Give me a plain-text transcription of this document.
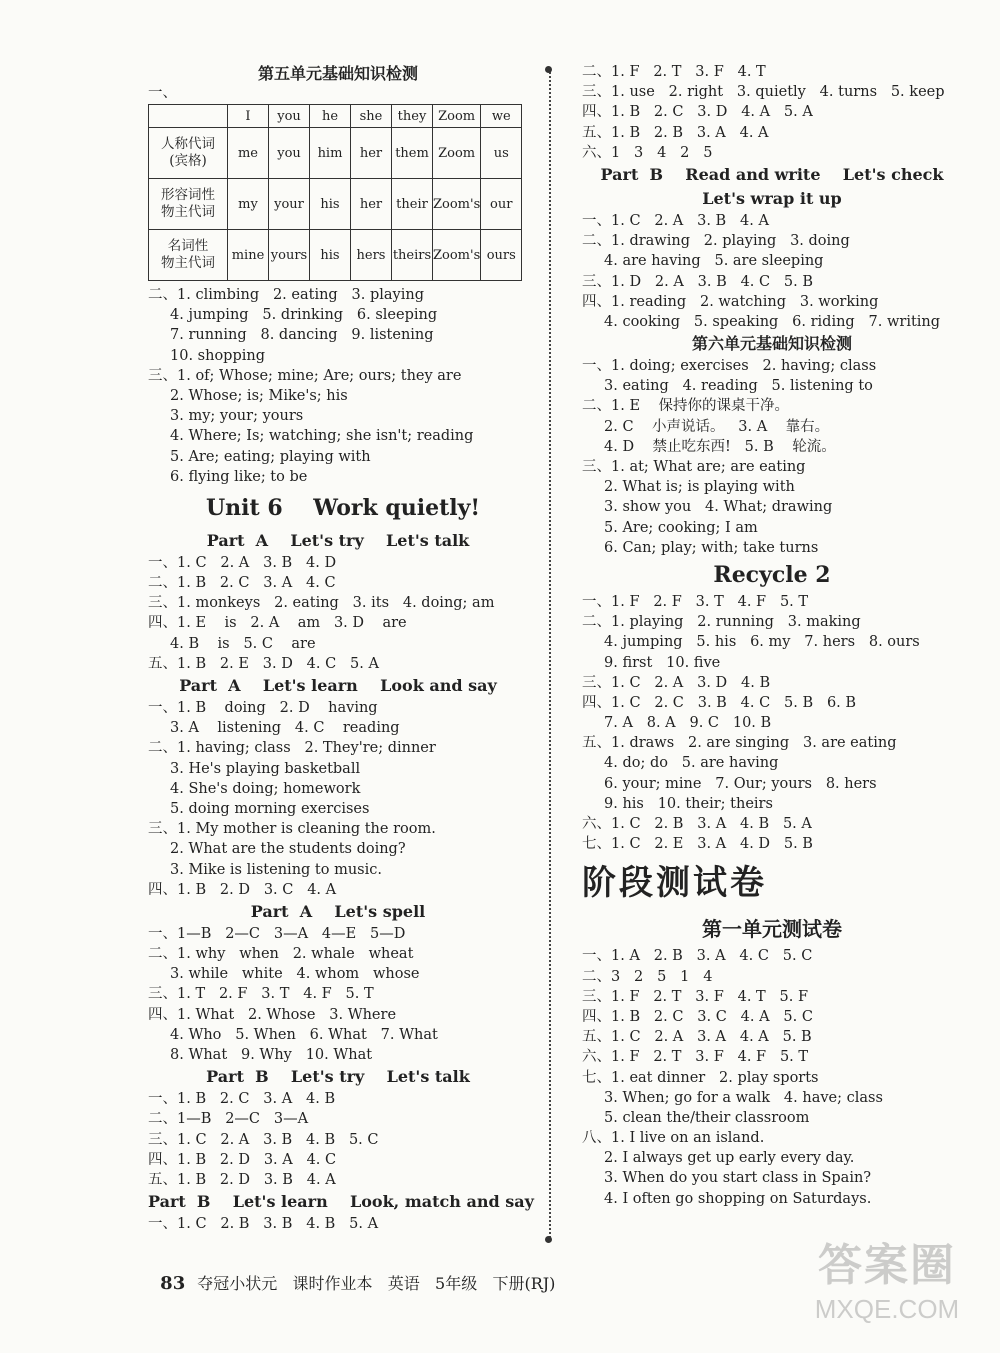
第五单元基础知识检测
一、
	I	you	he	she	they	Zoom	we
人称代词
(宾格)	me	you	him	her	them	Zoom	us
形容词性
物主代词	my	your	his	her	their	Zoom's	our
名词性
物主代词	mine	yours	his	hers	theirs	Zoom's	ours
二、1. climbing   2. eating   3. playing
4. jumping   5. drinking   6. sleeping
7. running   8. dancing   9. listening
10. shopping
三、1. of; Whose; mine; Are; ours; they are
2. Whose; is; Mike's; his
3. my; your; yours
4. Where; Is; watching; she isn't; reading
5. Are; eating; playing with
6. flying like; to be
Unit 6    Work quietly!
Part  A    Let's try    Let's talk
一、1. C   2. A   3. B   4. D
二、1. B   2. C   3. A   4. C
三、1. monkeys   2. eating   3. its   4. doing; am
四、1. E    is   2. A    am   3. D    are
4. B    is   5. C    are
五、1. B   2. E   3. D   4. C   5. A
Part  A    Let's learn    Look and say
一、1. B    doing   2. D    having
3. A    listening   4. C    reading
二、1. having; class   2. They're; dinner
3. He's playing basketball
4. She's doing; homework
5. doing morning exercises
三、1. My mother is cleaning the room.
2. What are the students doing?
3. Mike is listening to music.
四、1. B   2. D   3. C   4. A
Part  A    Let's spell
一、1—B   2—C   3—A   4—E   5—D
二、1. why   when   2. whale   wheat
3. while   white   4. whom   whose
三、1. T   2. F   3. T   4. F   5. T
四、1. What   2. Whose   3. Where
4. Who   5. When   6. What   7. What
8. What   9. Why   10. What
Part  B    Let's try    Let's talk
一、1. B   2. C   3. A   4. B
二、1—B   2—C   3—A
三、1. C   2. A   3. B   4. B   5. C
四、1. B   2. D   3. A   4. C
五、1. B   2. D   3. B   4. A
Part  B    Let's learn    Look, match and say
一、1. C   2. B   3. B   4. B   5. A
二、1. F   2. T   3. F   4. T
三、1. use   2. right   3. quietly   4. turns   5. keep
四、1. B   2. C   3. D   4. A   5. A
五、1. B   2. B   3. A   4. A
六、1   3   4   2   5
Part  B    Read and write    Let's check
Let's wrap it up
一、1. C   2. A   3. B   4. A
二、1. drawing   2. playing   3. doing
4. are having   5. are sleeping
三、1. D   2. A   3. B   4. C   5. B
四、1. reading   2. watching   3. working
4. cooking   5. speaking   6. riding   7. writing
第六单元基础知识检测
一、1. doing; exercises   2. having; class
3. eating   4. reading   5. listening to
二、1. E    保持你的课桌干净。
2. C    小声说话。   3. A    靠右。
4. D    禁止吃东西!   5. B    轮流。
三、1. at; What are; are eating
2. What is; is playing with
3. show you   4. What; drawing
5. Are; cooking; I am
6. Can; play; with; take turns
Recycle 2
一、1. F   2. F   3. T   4. F   5. T
二、1. playing   2. running   3. making
4. jumping   5. his   6. my   7. hers   8. ours
9. first   10. five
三、1. C   2. A   3. D   4. B
四、1. C   2. C   3. B   4. C   5. B   6. B
7. A   8. A   9. C   10. B
五、1. draws   2. are singing   3. are eating
4. do; do   5. are having
6. your; mine   7. Our; yours   8. hers
9. his   10. their; theirs
六、1. C   2. B   3. A   4. B   5. A
七、1. C   2. E   3. A   4. D   5. B
阶段测试卷
第一单元测试卷
一、1. A   2. B   3. A   4. C   5. C
二、3   2   5   1   4
三、1. F   2. T   3. F   4. T   5. F
四、1. B   2. C   3. C   4. A   5. C
五、1. C   2. A   3. A   4. A   5. B
六、1. F   2. T   3. F   4. F   5. T
七、1. eat dinner   2. play sports
3. When; go for a walk   4. have; class
5. clean the/their classroom
八、1. I live on an island.
2. I always get up early every day.
3. When do you start class in Spain?
4. I often go shopping on Saturdays.

83 夺冠小状元   课时作业本   英语   5年级   下册(RJ)	答案圈
MXQE.COM
